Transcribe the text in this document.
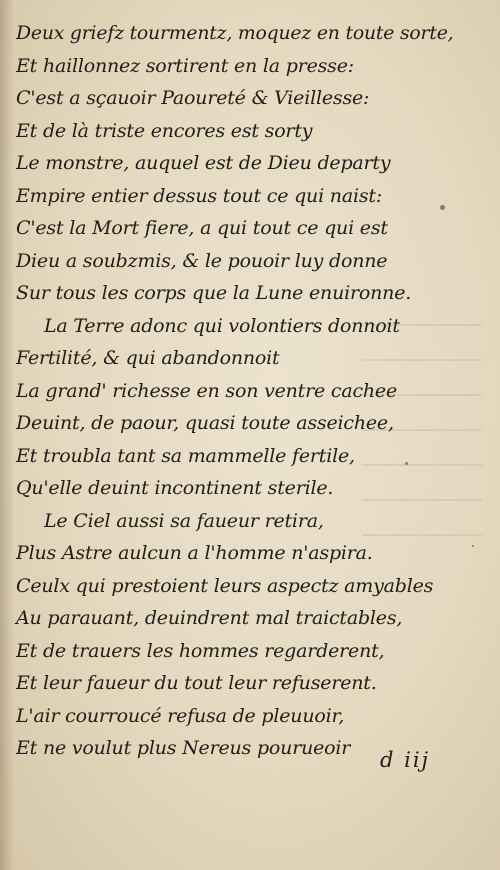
Deux griefz tourmentz, moquez en toute sorte,
Et haillonnez sortirent en la presse:
C'est a sçauoir Paoureté & Vieillesse:
Et de là triste encores est sorty
Le monstre, auquel est de Dieu departy
Empire entier dessus tout ce qui naist:
C'est la Mort fiere, a qui tout ce qui est
Dieu a soubzmis, & le pouoir luy donne
Sur tous les corps que la Lune enuironne.
La Terre adonc qui volontiers donnoit
Fertilité, & qui abandonnoit
La grand' richesse en son ventre cachee
Deuint, de paour, quasi toute asseichee,
Et troubla tant sa mammelle fertile,
Qu'elle deuint incontinent sterile.
Le Ciel aussi sa faueur retira,
Plus Astre aulcun a l'homme n'aspira.
Ceulx qui prestoient leurs aspectz amyables
Au parauant, deuindrent mal traictables,
Et de trauers les hommes regarderent,
Et leur faueur du tout leur refuserent.
L'air courroucé refusa de pleuuoir,
Et ne voulut plus Nereus pourueoir	d iij
